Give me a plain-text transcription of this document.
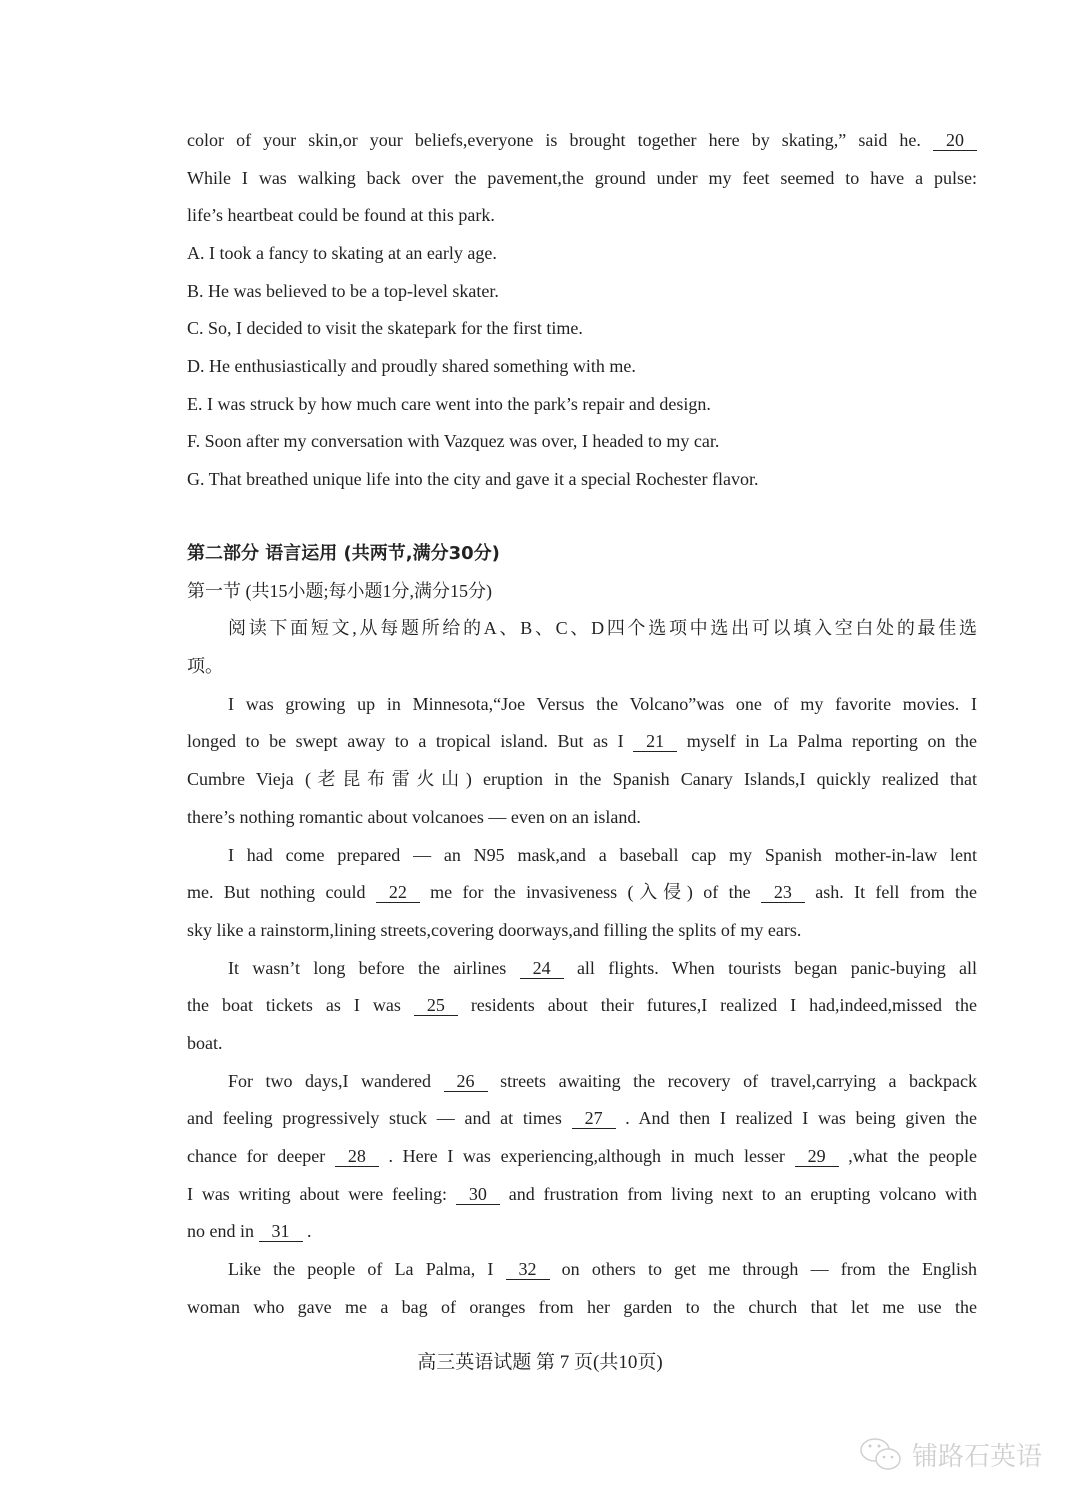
color of your skin,or your beliefs,everyone is brought together here by skating,” said he. 20
While I was walking back over the pavement,the ground under my feet seemed to have a pulse:
life’s heartbeat could be found at this park.
A. I took a fancy to skating at an early age.
B. He was believed to be a top-level skater.
C. So, I decided to visit the skatepark for the first time.
D. He enthusiastically and proudly shared something with me.
E. I was struck by how much care went into the park’s repair and design.
F. Soon after my conversation with Vazquez was over, I headed to my car.
G. That breathed unique life into the city and gave it a special Rochester flavor.
第二部分 语言运用 (共两节,满分30分)
第一节 (共15小题;每小题1分,满分15分)
阅读下面短文,从每题所给的A、B、C、D四个选项中选出可以填入空白处的最佳选
项。
I was growing up in Minnesota,“Joe Versus the Volcano”was one of my favorite movies. I
longed to be swept away to a tropical island. But as I 21 myself in La Palma reporting on the
Cumbre Vieja (老昆布雷火山) eruption in the Spanish Canary Islands,I quickly realized that
there’s nothing romantic about volcanoes — even on an island.
I had come prepared — an N95 mask,and a baseball cap my Spanish mother-in-law lent
me. But nothing could 22 me for the invasiveness (入侵) of the 23 ash. It fell from the
sky like a rainstorm,lining streets,covering doorways,and filling the splits of my ears.
It wasn’t long before the airlines 24 all flights. When tourists began panic-buying all
the boat tickets as I was 25 residents about their futures,I realized I had,indeed,missed the
boat.
For two days,I wandered 26 streets awaiting the recovery of travel,carrying a backpack
and feeling progressively stuck — and at times 27 . And then I realized I was being given the
chance for deeper 28 . Here I was experiencing,although in much lesser 29 ,what the people
I was writing about were feeling: 30 and frustration from living next to an erupting volcano with
no end in 31 .
Like the people of La Palma, I 32 on others to get me through — from the English
woman who gave me a bag of oranges from her garden to the church that let me use the
高三英语试题 第 7 页(共10页)
铺路石英语
